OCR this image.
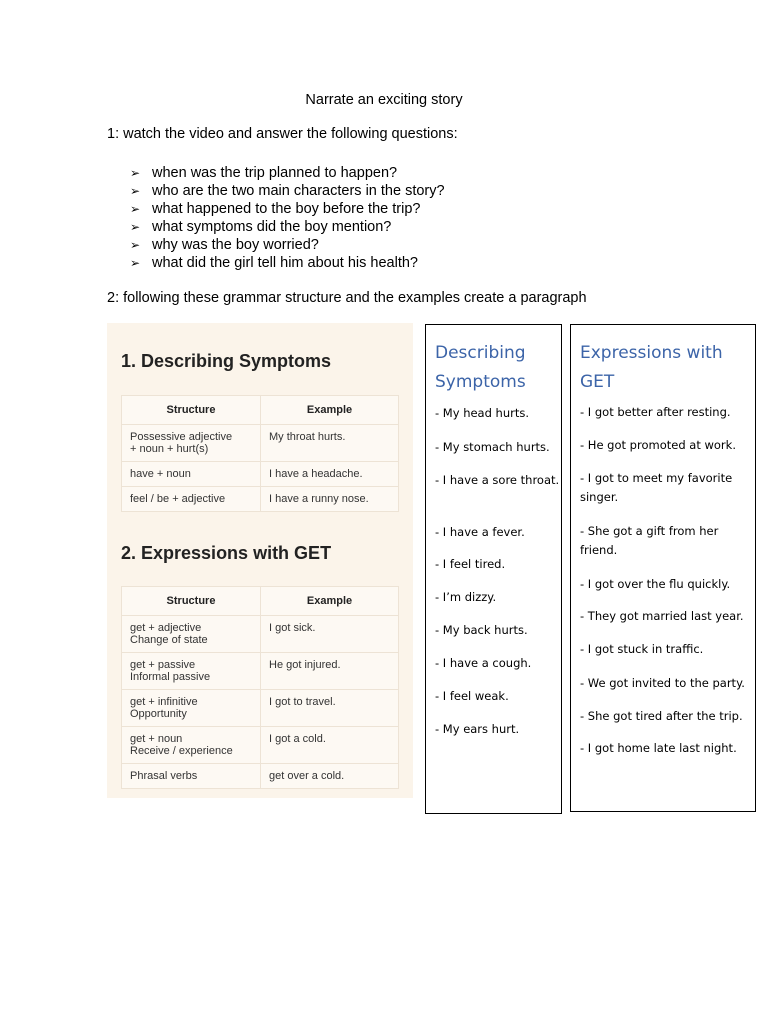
Narrate an exciting story
1: watch the video and answer the following questions:
➢ when was the trip planned to happen?
➢ who are the two main characters in the story?
➢ what happened to the boy before the trip?
➢ what symptoms did the boy mention?
➢ why was the boy worried?
➢ what did the girl tell him about his health?
2: following these grammar structure and the examples create a paragraph
1. Describing Symptoms
Structure	Example

Possessive adjective
+ noun + hurt(s)	My throat hurts.
have + noun	I have a headache.
feel / be + adjective	I have a runny nose.
2. Expressions with GET
Structure	Example

get + adjective
Change of state	I got sick.

get + passive
Informal passive	He got injured.

get + infinitive
Opportunity	I got to travel.

get + noun
Receive / experience	I got a cold.
Phrasal verbs	get over a cold.
Describing Symptoms
- My head hurts.
- My stomach hurts.
- I have a sore throat.
- I have a fever.
- I feel tired.
- I’m dizzy.
- My back hurts.
- I have a cough.
- I feel weak.
- My ears hurt.
Expressions with GET
- I got better after resting.
- He got promoted at work.
- I got to meet my favorite singer.
- She got a gift from her friend.
- I got over the flu quickly.
- They got married last year.
- I got stuck in traffic.
- We got invited to the party.
- She got tired after the trip.
- I got home late last night.
